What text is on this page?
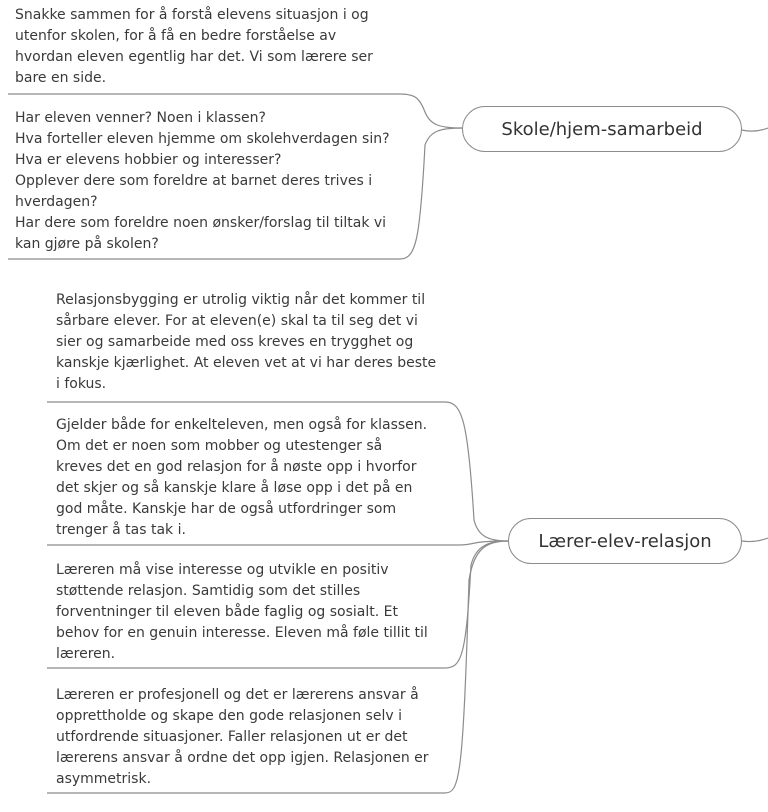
Skole/hjem-samarbeid

Snakke sammen for å forstå elevens situasjon i og
utenfor skolen, for å få en bedre forståelse av
hvordan eleven egentlig har det. Vi som lærere ser
bare en side.

Har eleven venner? Noen i klassen?
Hva forteller eleven hjemme om skolehverdagen sin?
Hva er elevens hobbier og interesser?
Opplever dere som foreldre at barnet deres trives i
hverdagen?
Har dere som foreldre noen ønsker/forslag til tiltak vi
kan gjøre på skolen?

Lærer-elev-relasjon

Relasjonsbygging er utrolig viktig når det kommer til
sårbare elever. For at eleven(e) skal ta til seg det vi
sier og samarbeide med oss kreves en trygghet og
kanskje kjærlighet. At eleven vet at vi har deres beste
i fokus.

Gjelder både for enkelteleven, men også for klassen.
Om det er noen som mobber og utestenger så
kreves det en god relasjon for å nøste opp i hvorfor
det skjer og så kanskje klare å løse opp i det på en
god måte. Kanskje har de også utfordringer som
trenger å tas tak i.

Læreren må vise interesse og utvikle en positiv
støttende relasjon. Samtidig som det stilles
forventninger til eleven både faglig og sosialt. Et
behov for en genuin interesse. Eleven må føle tillit til
læreren.

Læreren er profesjonell og det er lærerens ansvar å
opprettholde og skape den gode relasjonen selv i
utfordrende situasjoner. Faller relasjonen ut er det
lærerens ansvar å ordne det opp igjen. Relasjonen er
asymmetrisk.
